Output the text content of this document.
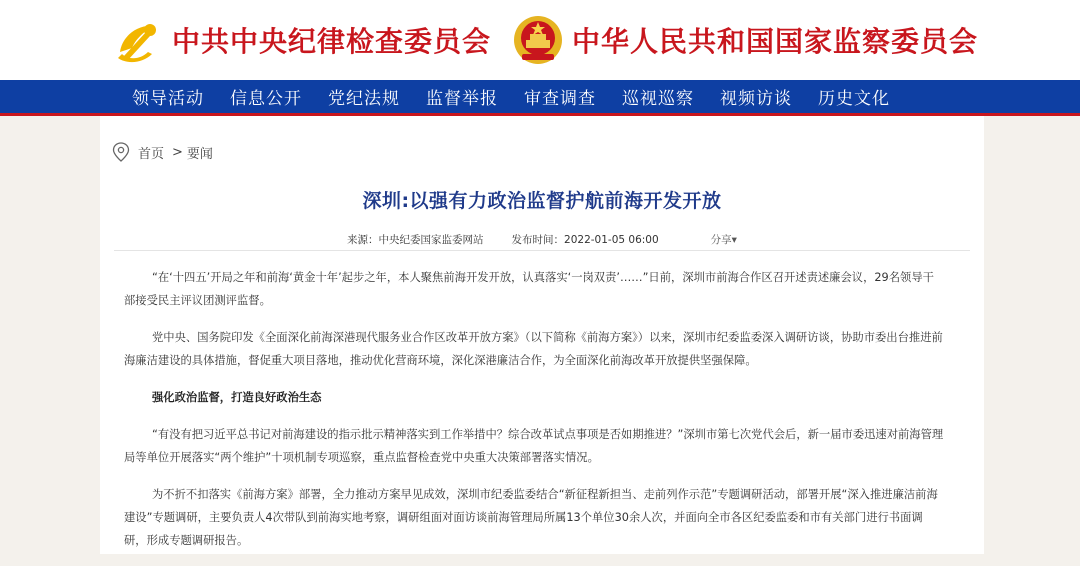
中共中央纪律检查委员会	中华人民共和国国家监察委员会
领导活动 信息公开 党纪法规 监督举报 审查调查 巡视巡察 视频访谈 历史文化
首页 > 要闻
深圳:以强有力政治监督护航前海开发开放
来源：中央纪委国家监委网站	发布时间：2022-01-05 06:00	分享▾

“在‘十四五’开局之年和前海‘黄金十年’起步之年，本人聚焦前海开发开放，认真落实‘一岗双责’……”日前，深圳市前海合作区召开述责述廉会议，29名领导干部接受民主评议团测评监督。

党中央、国务院印发《全面深化前海深港现代服务业合作区改革开放方案》（以下简称《前海方案》）以来，深圳市纪委监委深入调研访谈，协助市委出台推进前海廉洁建设的具体措施，督促重大项目落地，推动优化营商环境，深化深港廉洁合作，为全面深化前海改革开放提供坚强保障。

强化政治监督，打造良好政治生态

“有没有把习近平总书记对前海建设的指示批示精神落实到工作举措中？综合改革试点事项是否如期推进？”深圳市第七次党代会后，新一届市委迅速对前海管理局等单位开展落实“两个维护”十项机制专项巡察，重点监督检查党中央重大决策部署落实情况。

为不折不扣落实《前海方案》部署，全力推动方案早见成效，深圳市纪委监委结合“新征程新担当、走前列作示范”专题调研活动，部署开展“深入推进廉洁前海建设”专题调研，主要负责人4次带队到前海实地考察，调研组面对面访谈前海管理局所属13个单位30余人次，并面向全市各区纪委监委和市有关部门进行书面调研，形成专题调研报告。
